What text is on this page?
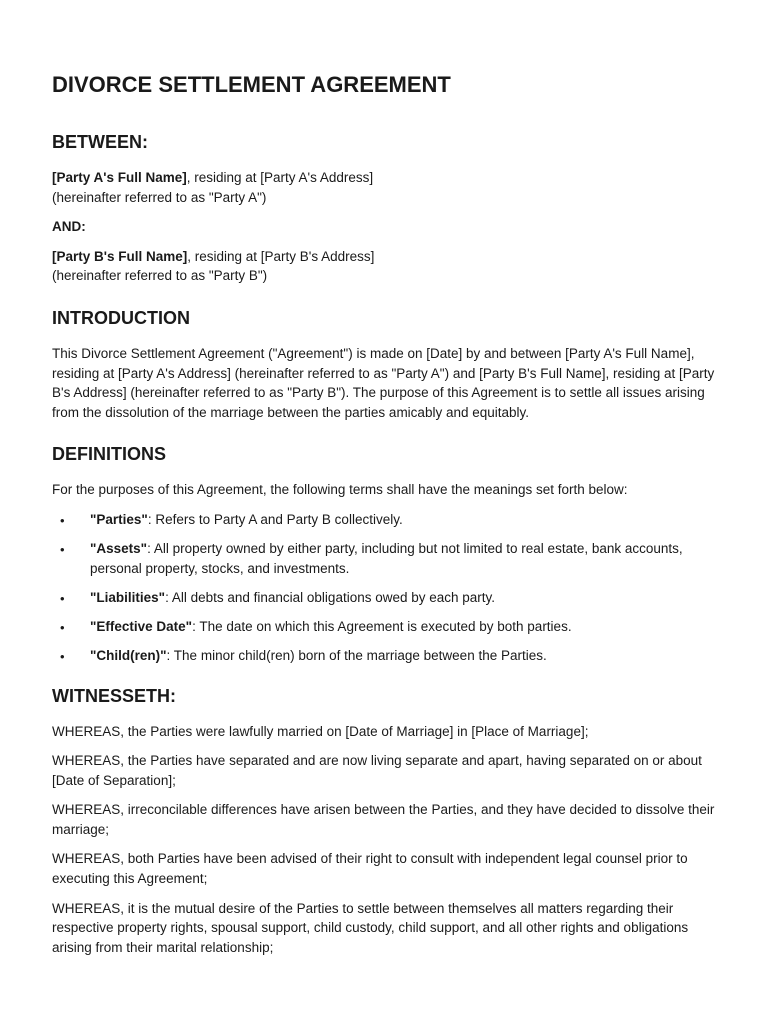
DIVORCE SETTLEMENT AGREEMENT
BETWEEN:
[Party A's Full Name], residing at [Party A's Address]
(hereinafter referred to as "Party A")
AND:
[Party B's Full Name], residing at [Party B's Address]
(hereinafter referred to as "Party B")
INTRODUCTION

This Divorce Settlement Agreement ("Agreement") is made on [Date] by and between [Party A's Full Name], residing at [Party A's Address] (hereinafter referred to as "Party A") and [Party B's Full Name], residing at [Party B's Address] (hereinafter referred to as "Party B"). The purpose of this Agreement is to settle all issues arising from the dissolution of the marriage between the parties amicably and equitably.

DEFINITIONS

For the purposes of this Agreement, the following terms shall have the meanings set forth below:

• "Parties": Refers to Party A and Party B collectively.
• "Assets": All property owned by either party, including but not limited to real estate, bank accounts, personal property, stocks, and investments.
• "Liabilities": All debts and financial obligations owed by each party.
• "Effective Date": The date on which this Agreement is executed by both parties.
• "Child(ren)": The minor child(ren) born of the marriage between the Parties.
WITNESSETH:

WHEREAS, the Parties were lawfully married on [Date of Marriage] in [Place of Marriage];

WHEREAS, the Parties have separated and are now living separate and apart, having separated on or about [Date of Separation];

WHEREAS, irreconcilable differences have arisen between the Parties, and they have decided to dissolve their marriage;

WHEREAS, both Parties have been advised of their right to consult with independent legal counsel prior to executing this Agreement;

WHEREAS, it is the mutual desire of the Parties to settle between themselves all matters regarding their respective property rights, spousal support, child custody, child support, and all other rights and obligations arising from their marital relationship;
